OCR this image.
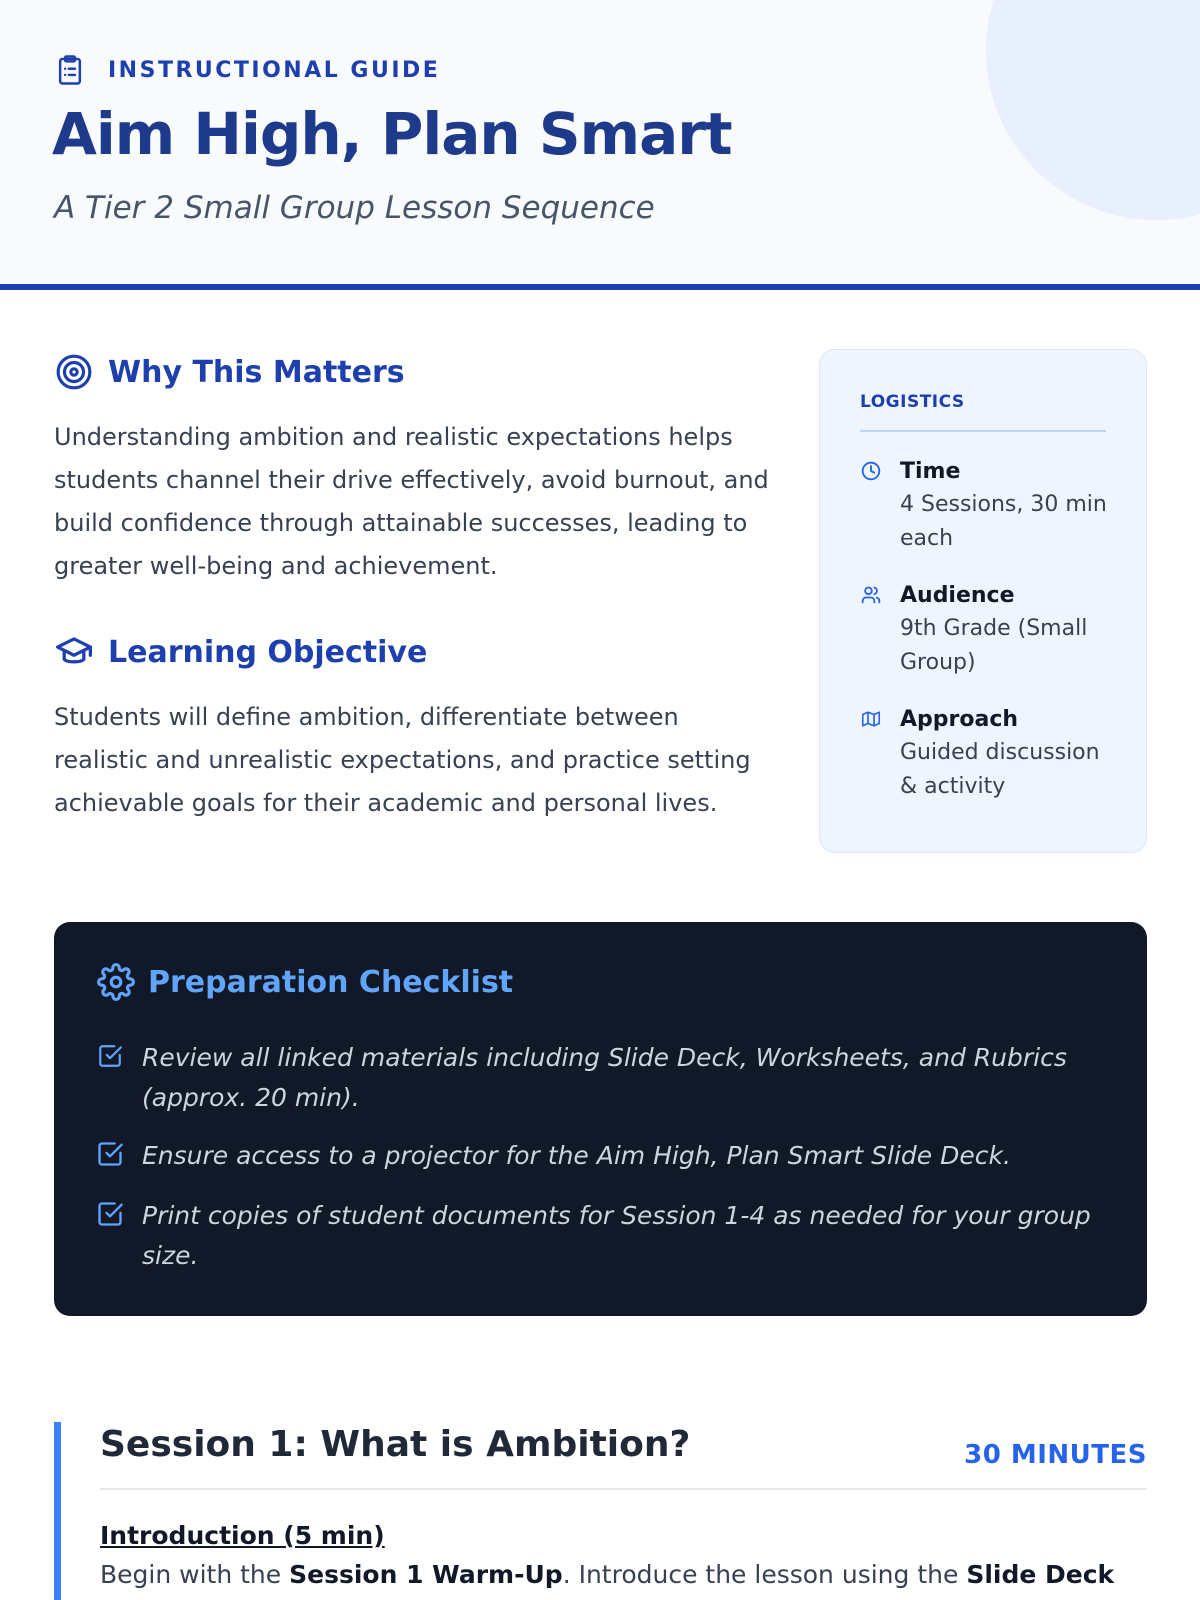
INSTRUCTIONAL GUIDE
Aim High, Plan Smart
A Tier 2 Small Group Lesson Sequence
Why This Matters

Understanding ambition and realistic expectations helps students channel their drive effectively, avoid burnout, and build confidence through attainable successes, leading to greater well-being and achievement.

Learning Objective

Students will define ambition, differentiate between realistic and unrealistic expectations, and practice setting achievable goals for their academic and personal lives.

LOGISTICS
Time
4 Sessions, 30 min each
Audience
9th Grade (Small Group)
Approach
Guided discussion & activity
Preparation Checklist
Review all linked materials including Slide Deck, Worksheets, and Rubrics (approx. 20 min).
Ensure access to a projector for the Aim High, Plan Smart Slide Deck.
Print copies of student documents for Session 1-4 as needed for your group size.
Session 1: What is Ambition?	30 MINUTES
Introduction (5 min)
Begin with the Session 1 Warm-Up. Introduce the lesson using the Slide Deck
